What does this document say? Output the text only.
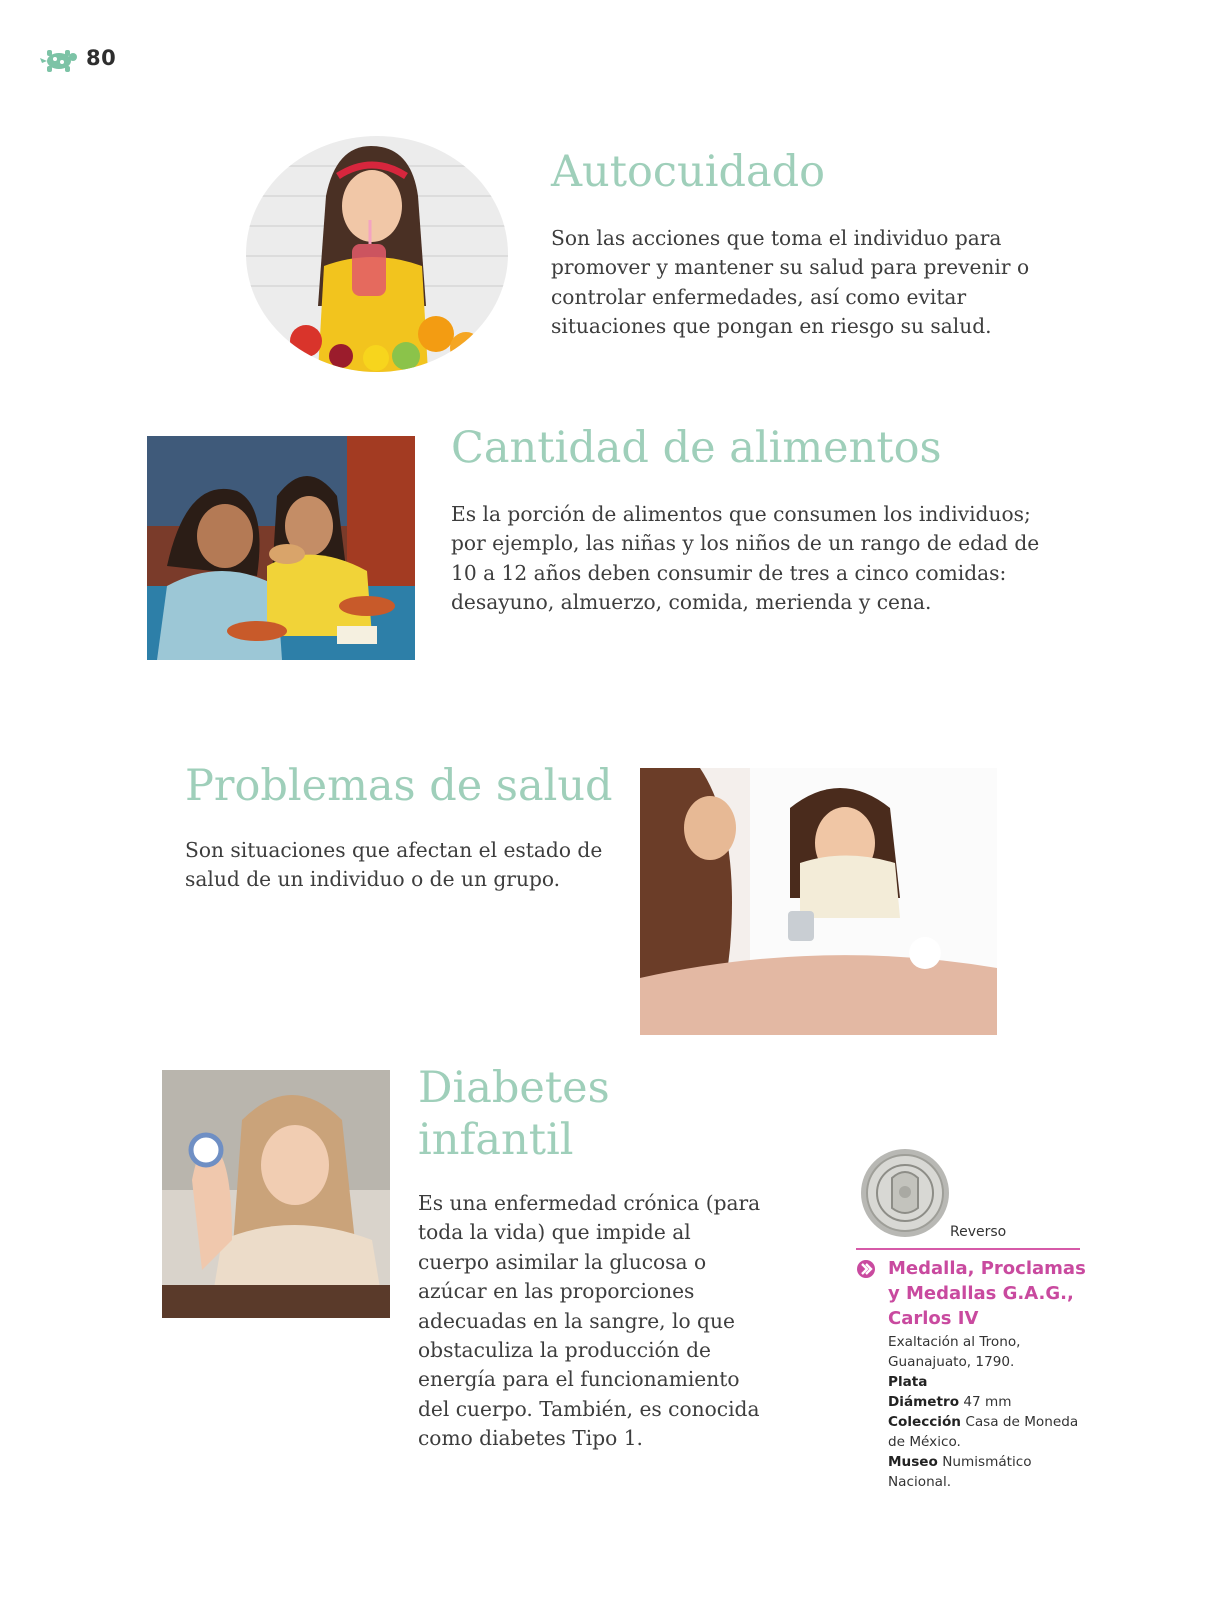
80
Autocuidado

Son las acciones que toma el individuo para promover y mantener su salud para prevenir o controlar enfermedades, así como evitar situaciones que pongan en riesgo su salud.

Cantidad de alimentos

Es la porción de alimentos que consumen los individuos; por ejemplo, las niñas y los niños de un rango de edad de 10 a 12 años deben consumir de tres a cinco comidas: desayuno, almuerzo, comida, merienda y cena.

Problemas de salud

Son situaciones que afectan el estado de salud de un individuo o de un grupo.

Diabetes
infantil

Es una enfermedad crónica (para toda la vida) que impide al cuerpo asimilar la glucosa o azúcar en las proporciones adecuadas en la sangre, lo que obstaculiza la producción de energía para el funcionamiento del cuerpo. También, es conocida como diabetes Tipo 1.

Reverso
Medalla, Proclamas y Medallas G.A.G., Carlos IV
Exaltación al Trono, Guanajuato, 1790.
Plata
Diámetro 47 mm
Colección Casa de Moneda de México.
Museo Numismático Nacional.
